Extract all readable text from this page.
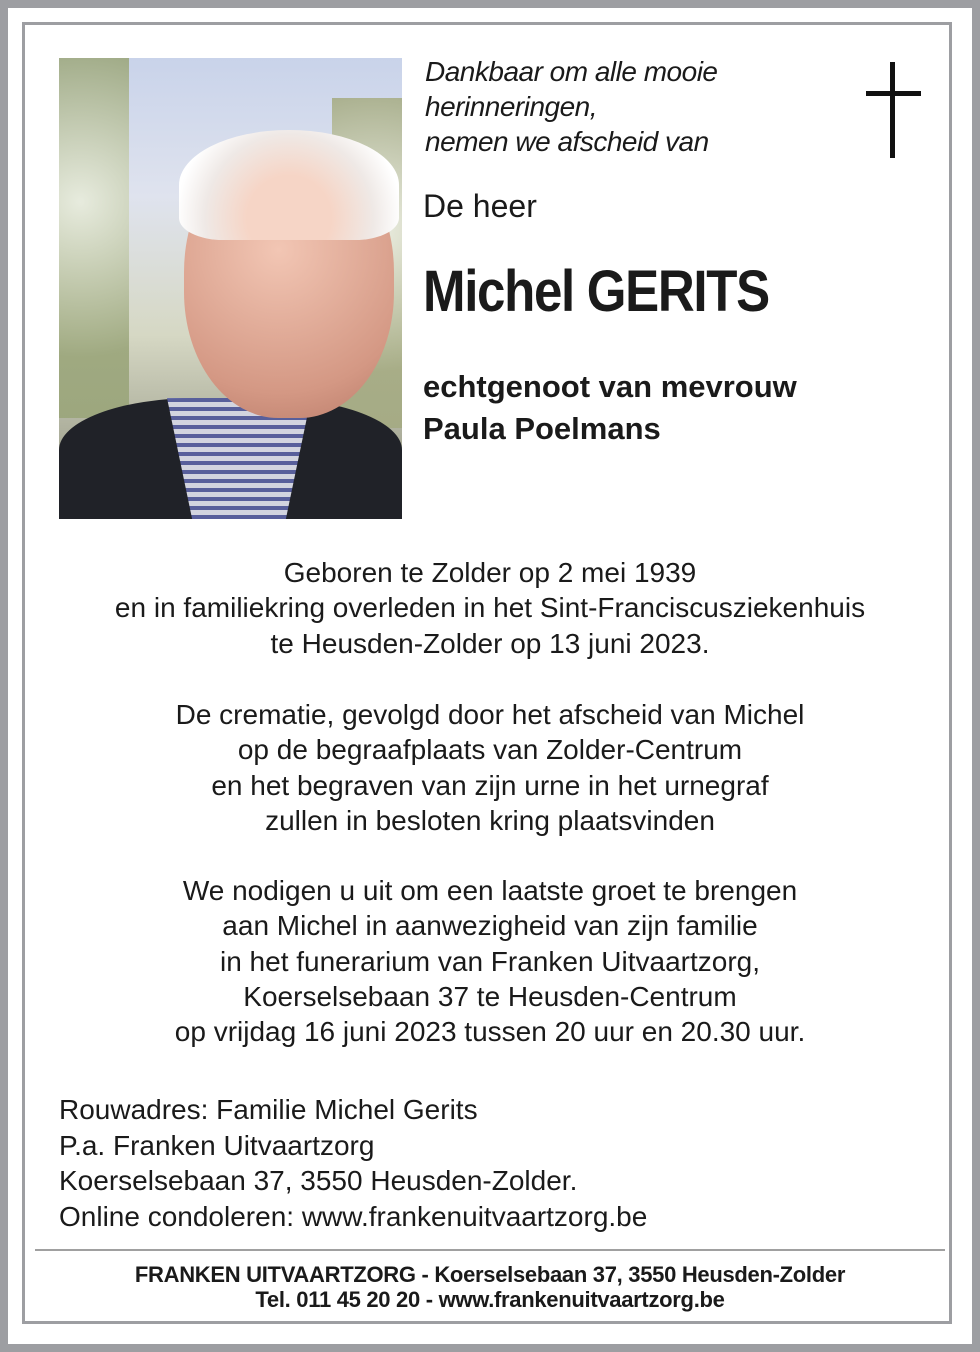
Dankbaar om alle mooie
herinneringen,
nemen we afscheid van
De heer
Michel GERITS
echtgenoot van mevrouw
Paula Poelmans
Geboren te Zolder op 2 mei 1939
en in familiekring overleden in het Sint-Franciscusziekenhuis
te Heusden-Zolder op 13 juni 2023.
De crematie, gevolgd door het afscheid van Michel
op de begraafplaats van Zolder-Centrum
en het begraven van zijn urne in het urnegraf
zullen in besloten kring plaatsvinden
We nodigen u uit om een laatste groet te brengen
aan Michel in aanwezigheid van zijn familie
in het funerarium van Franken Uitvaartzorg,
Koerselsebaan 37 te Heusden-Centrum
op vrijdag 16 juni 2023 tussen 20 uur en 20.30 uur.
Rouwadres: Familie Michel Gerits
P.a. Franken Uitvaartzorg
Koerselsebaan 37, 3550 Heusden-Zolder.
Online condoleren: www.frankenuitvaartzorg.be
FRANKEN UITVAARTZORG - Koerselsebaan 37, 3550 Heusden-Zolder
Tel. 011 45 20 20 - www.frankenuitvaartzorg.be
